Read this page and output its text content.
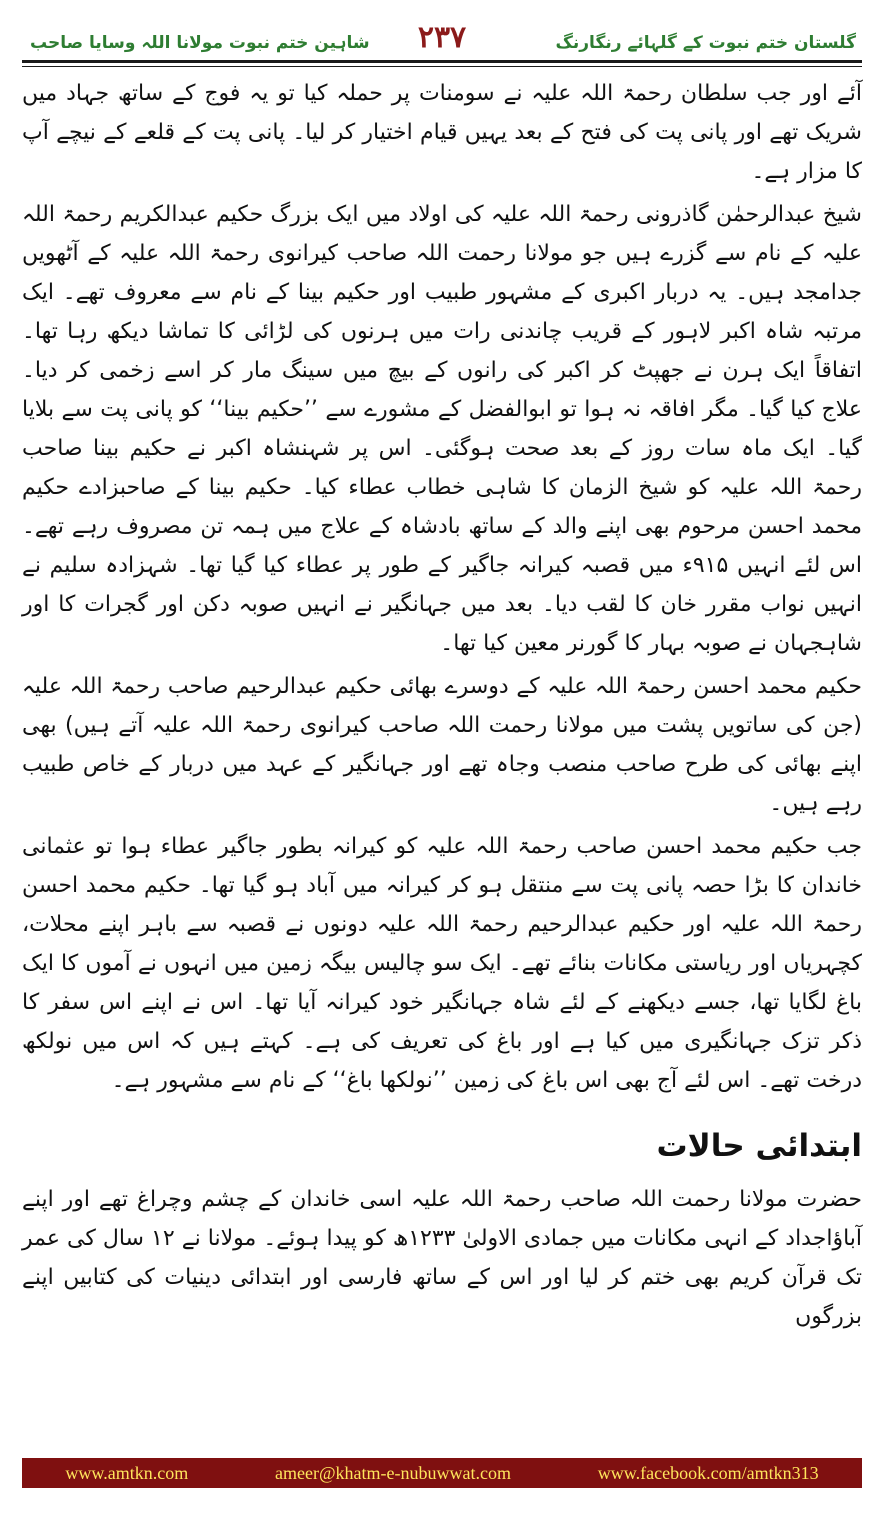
شاہین ختم نبوت مولانا اللہ وسایا صاحب	۲۳۷	گلستان ختم نبوت کے گلہائے رنگارنگ

آئے اور جب سلطان رحمۃ اللہ علیہ نے سومنات پر حملہ کیا تو یہ فوج کے ساتھ جہاد میں شریک تھے اور پانی پت کی فتح کے بعد یہیں قیام اختیار کر لیا۔ پانی پت کے قلعے کے نیچے آپ کا مزار ہے۔

شیخ عبدالرحمٰن گاذرونی رحمۃ اللہ علیہ کی اولاد میں ایک بزرگ حکیم عبدالکریم رحمۃ اللہ علیہ کے نام سے گزرے ہیں جو مولانا رحمت اللہ صاحب کیرانوی رحمۃ اللہ علیہ کے آٹھویں جدامجد ہیں۔ یہ دربار اکبری کے مشہور طبیب اور حکیم بینا کے نام سے معروف تھے۔ ایک مرتبہ شاہ اکبر لاہور کے قریب چاندنی رات میں ہرنوں کی لڑائی کا تماشا دیکھ رہا تھا۔ اتفاقاً ایک ہرن نے جھپٹ کر اکبر کی رانوں کے بیچ میں سینگ مار کر اسے زخمی کر دیا۔ علاج کیا گیا۔ مگر افاقہ نہ ہوا تو ابوالفضل کے مشورے سے ’’حکیم بینا‘‘ کو پانی پت سے بلایا گیا۔ ایک ماہ سات روز کے بعد صحت ہوگئی۔ اس پر شہنشاہ اکبر نے حکیم بینا صاحب رحمۃ اللہ علیہ کو شیخ الزمان کا شاہی خطاب عطاء کیا۔ حکیم بینا کے صاحبزادے حکیم محمد احسن مرحوم بھی اپنے والد کے ساتھ بادشاہ کے علاج میں ہمہ تن مصروف رہے تھے۔ اس لئے انہیں ۹۱۵ء میں قصبہ کیرانہ جاگیر کے طور پر عطاء کیا گیا تھا۔ شہزادہ سلیم نے انہیں نواب مقرر خان کا لقب دیا۔ بعد میں جہانگیر نے انہیں صوبہ دکن اور گجرات کا اور شاہجہان نے صوبہ بہار کا گورنر معین کیا تھا۔

حکیم محمد احسن رحمۃ اللہ علیہ کے دوسرے بھائی حکیم عبدالرحیم صاحب رحمۃ اللہ علیہ (جن کی ساتویں پشت میں مولانا رحمت اللہ صاحب کیرانوی رحمۃ اللہ علیہ آتے ہیں) بھی اپنے بھائی کی طرح صاحب منصب وجاہ تھے اور جہانگیر کے عہد میں دربار کے خاص طبیب رہے ہیں۔

جب حکیم محمد احسن صاحب رحمۃ اللہ علیہ کو کیرانہ بطور جاگیر عطاء ہوا تو عثمانی خاندان کا بڑا حصہ پانی پت سے منتقل ہو کر کیرانہ میں آباد ہو گیا تھا۔ حکیم محمد احسن رحمۃ اللہ علیہ اور حکیم عبدالرحیم رحمۃ اللہ علیہ دونوں نے قصبہ سے باہر اپنے محلات، کچہریاں اور ریاستی مکانات بنائے تھے۔ ایک سو چالیس بیگہ زمین میں انہوں نے آموں کا ایک باغ لگایا تھا، جسے دیکھنے کے لئے شاہ جہانگیر خود کیرانہ آیا تھا۔ اس نے اپنے اس سفر کا ذکر تزک جہانگیری میں کیا ہے اور باغ کی تعریف کی ہے۔ کہتے ہیں کہ اس میں نولکھ درخت تھے۔ اس لئے آج بھی اس باغ کی زمین ’’نولکھا باغ‘‘ کے نام سے مشہور ہے۔

ابتدائی حالات

حضرت مولانا رحمت اللہ صاحب رحمۃ اللہ علیہ اسی خاندان کے چشم وچراغ تھے اور اپنے آباؤاجداد کے انہی مکانات میں جمادی الاولیٰ ۱۲۳۳ھ کو پیدا ہوئے۔ مولانا نے ۱۲ سال کی عمر تک قرآن کریم بھی ختم کر لیا اور اس کے ساتھ فارسی اور ابتدائی دینیات کی کتابیں اپنے بزرگوں

www.amtkn.com	ameer@khatm-e-nubuwwat.com	www.facebook.com/amtkn313
